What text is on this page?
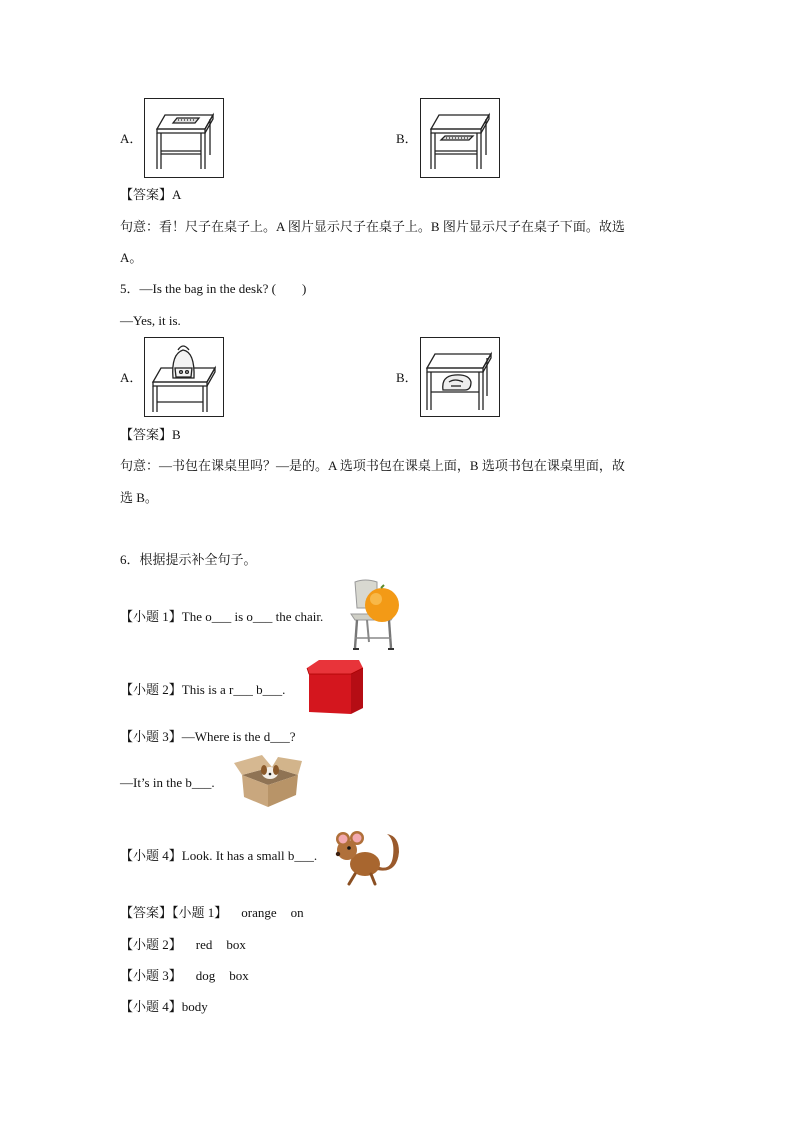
A．	B．
【答案】A
句意：看！尺子在桌子上。A 图片显示尺子在桌子上。B 图片显示尺子在桌子下面。故选
A。
5．—Is the bag in the desk? (　　)
—Yes, it is.
A．	B．
【答案】B
句意：—书包在课桌里吗？—是的。A 选项书包在课桌上面，B 选项书包在课桌里面，故
选 B。
6．根据提示补全句子。
【小题 1】The o___ is o___ the chair.
【小题 2】This is a r___ b___.
【小题 3】—Where is the d___?
—It’s in the b___.
【小题 4】Look. It has a small b___.
【答案】【小题 1】 orange on
【小题 2】 red box
【小题 3】 dog box
【小题 4】body
